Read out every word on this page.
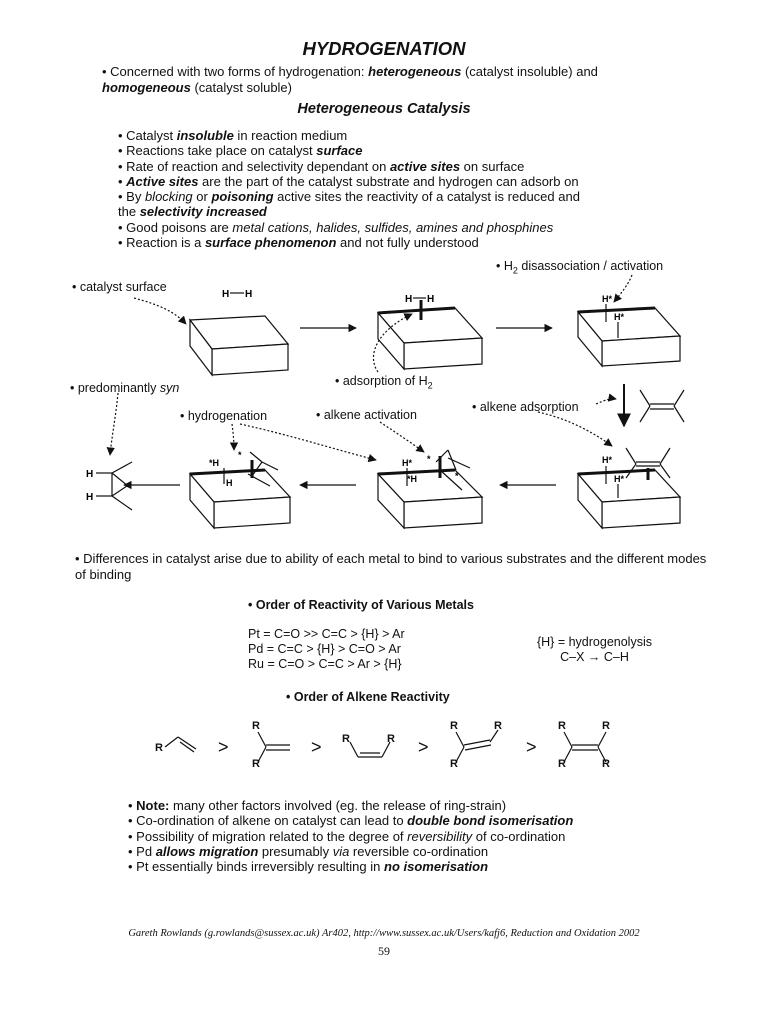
HYDROGENATION
• Concerned with two forms of hydrogenation: heterogeneous (catalyst insoluble) and
homogeneous (catalyst soluble)
Heterogeneous Catalysis
• Catalyst insoluble in reaction medium
• Reactions take place on catalyst surface
• Rate of reaction and selectivity dependant on active sites on surface
• Active sites are the part of the catalyst substrate and hydrogen can adsorb on
• By blocking or poisoning active sites the reactivity of a catalyst is reduced and
the selectivity increased
• Good poisons are metal cations, halides, sulfides, amines and phosphines
• Reaction is a surface phenomenon and not fully understood
• $H_2$ disassociation / activation
• catalyst surface
• adsorption of $H_2$
• predominantly syn
• alkene adsorption
• hydrogenation	• alkene activation
H H	H H	H*
H*
H*
H*
H*
*H
*
*
*H
H
*
H
H
• Differences in catalyst arise due to ability of each metal to bind to various substrates and the different modes of binding
• Order of Reactivity of Various Metals
Pt = C=O >> C=C > {H} > Ar
Pd = C=C > {H} > C=O > Ar
Ru = C=O > C=C > Ar > {H}
{H} = hydrogenolysis
C–X → C–H
• Order of Alkene Reactivity
R
R
R
R	R
R
R
R	R
R
R
R
>	>	>	>
• Note: many other factors involved (eg. the release of ring-strain)
• Co-ordination of alkene on catalyst can lead to double bond isomerisation
• Possibility of migration related to the degree of reversibility of co-ordination
• Pd allows migration presumably via reversible co-ordination
• Pt essentially binds irreversibly resulting in no isomerisation
Gareth Rowlands (g.rowlands@sussex.ac.uk) Ar402, http://www.sussex.ac.uk/Users/kafj6, Reduction and Oxidation 2002
59
